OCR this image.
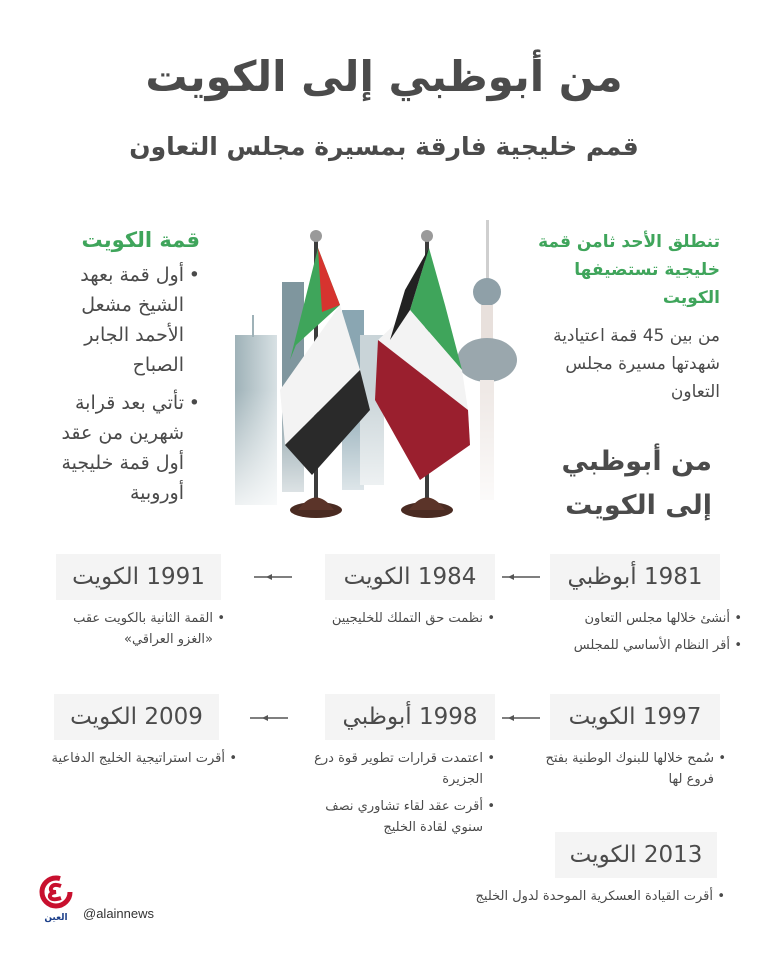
من أبوظبي إلى الكويت
قمم خليجية فارقة بمسيرة مجلس التعاون
تنطلق الأحد ثامن قمة خليجية تستضيفها الكويت
من بين 45 قمة اعتيادية شهدتها مسيرة مجلس التعاون
قمة الكويت
• أول قمة بعهد الشيخ مشعل الأحمد الجابر الصباح
• تأتي بعد قرابة شهرين من عقد أول قمة خليجية أوروبية
من أبوظبي
إلى الكويت
1981 أبوظبي
• أنشئ خلالها مجلس التعاون
• أقر النظام الأساسي للمجلس
1984 الكويت
• نظمت حق التملك للخليجيين
1991 الكويت
• القمة الثانية بالكويت عقب «الغزو العراقي»
1997 الكويت
• سُمح خلالها للبنوك الوطنية بفتح فروع لها
1998 أبوظبي
• اعتمدت قرارات تطوير قوة درع الجزيرة
• أقرت عقد لقاء تشاوري نصف سنوي لقادة الخليج
2009 الكويت
• أقرت استراتيجية الخليج الدفاعية
2013 الكويت
• أقرت القيادة العسكرية الموحدة لدول الخليج
العين	@alainnews
